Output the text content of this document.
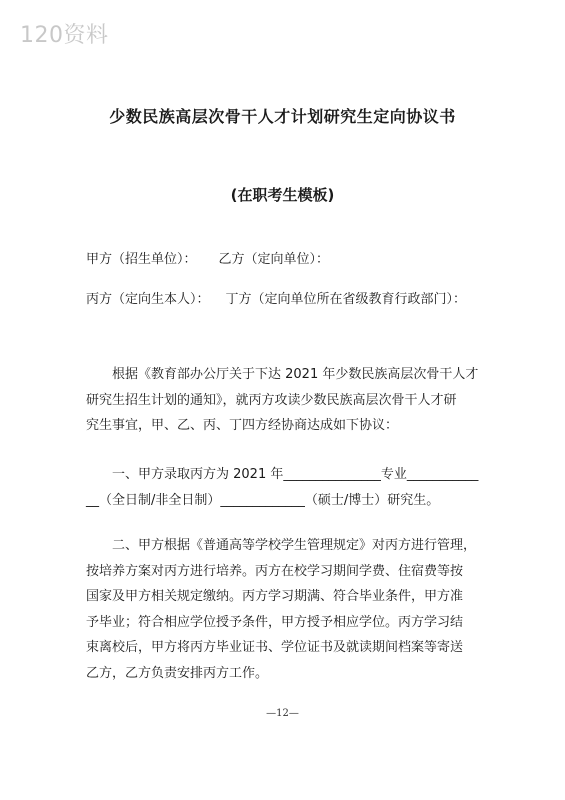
120资料
少数民族高层次骨干人才计划研究生定向协议书
(在职考生模板)
甲方（招生单位）： 乙方（定向单位）：
丙方（定向生本人）： 丁方（定向单位所在省级教育行政部门）：
根据《教育部办公厅关于下达 2021 年少数民族高层次骨干人才
研究生招生计划的通知》，就丙方攻读少数民族高层次骨干人才研
究生事宜，甲、乙、丙、丁四方经协商达成如下协议：
一、甲方录取丙方为 2021 年_______________专业___________
__（全日制/非全日制）_____________（硕士/博士）研究生。
二、甲方根据《普通高等学校学生管理规定》对丙方进行管理，
按培养方案对丙方进行培养。丙方在校学习期间学费、住宿费等按
国家及甲方相关规定缴纳。丙方学习期满、符合毕业条件，甲方准
予毕业；符合相应学位授予条件，甲方授予相应学位。丙方学习结
束离校后，甲方将丙方毕业证书、学位证书及就读期间档案等寄送
乙方，乙方负责安排丙方工作。
—12—
